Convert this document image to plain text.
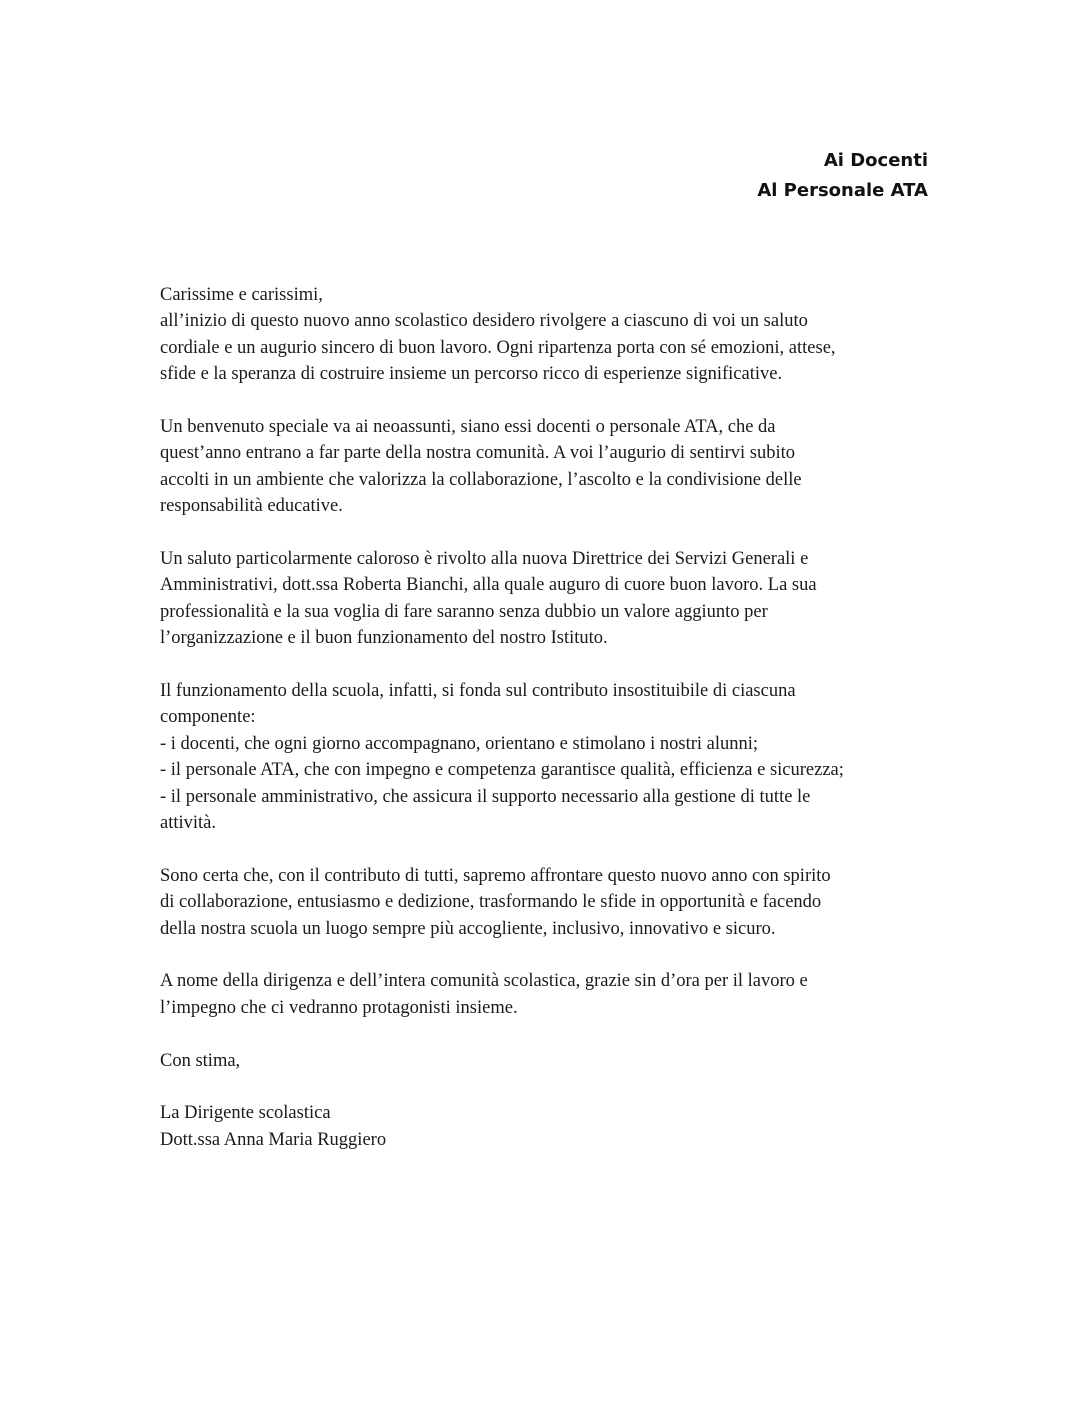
Ai Docenti
Al Personale ATA

Carissime e carissimi,
all’inizio di questo nuovo anno scolastico desidero rivolgere a ciascuno di voi un saluto
cordiale e un augurio sincero di buon lavoro. Ogni ripartenza porta con sé emozioni, attese,
sfide e la speranza di costruire insieme un percorso ricco di esperienze significative.

Un benvenuto speciale va ai neoassunti, siano essi docenti o personale ATA, che da
quest’anno entrano a far parte della nostra comunità. A voi l’augurio di sentirvi subito
accolti in un ambiente che valorizza la collaborazione, l’ascolto e la condivisione delle
responsabilità educative.

Un saluto particolarmente caloroso è rivolto alla nuova Direttrice dei Servizi Generali e
Amministrativi, dott.ssa Roberta Bianchi, alla quale auguro di cuore buon lavoro. La sua
professionalità e la sua voglia di fare saranno senza dubbio un valore aggiunto per
l’organizzazione e il buon funzionamento del nostro Istituto.

Il funzionamento della scuola, infatti, si fonda sul contributo insostituibile di ciascuna
componente:
- i docenti, che ogni giorno accompagnano, orientano e stimolano i nostri alunni;
- il personale ATA, che con impegno e competenza garantisce qualità, efficienza e sicurezza;
- il personale amministrativo, che assicura il supporto necessario alla gestione di tutte le
attività.

Sono certa che, con il contributo di tutti, sapremo affrontare questo nuovo anno con spirito
di collaborazione, entusiasmo e dedizione, trasformando le sfide in opportunità e facendo
della nostra scuola un luogo sempre più accogliente, inclusivo, innovativo e sicuro.

A nome della dirigenza e dell’intera comunità scolastica, grazie sin d’ora per il lavoro e
l’impegno che ci vedranno protagonisti insieme.

Con stima,

La Dirigente scolastica
Dott.ssa Anna Maria Ruggiero
